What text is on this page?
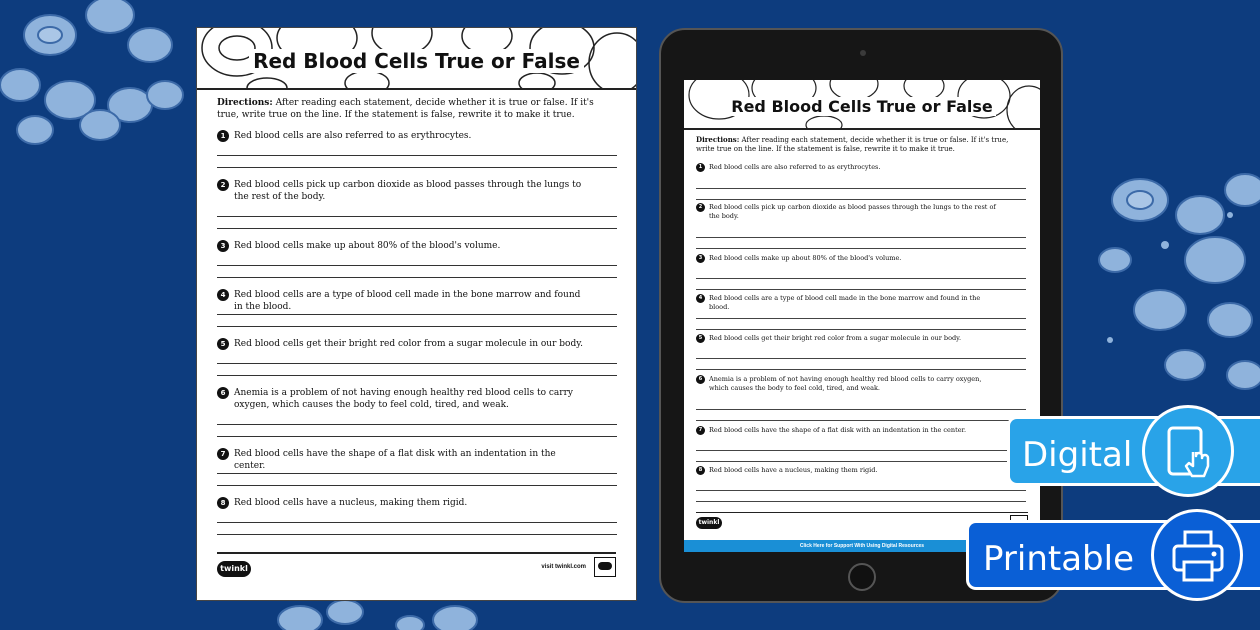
Red Blood Cells True or False
Directions: After reading each statement, decide whether it is true or false. If it's true, write true on the line. If the statement is false, rewrite it to make it true.
1 Red blood cells are also referred to as erythrocytes.
2 Red blood cells pick up carbon dioxide as blood passes through the lungs to the rest of the body.
3 Red blood cells make up about 80% of the blood's volume.
4 Red blood cells are a type of blood cell made in the bone marrow and found in the blood.
5 Red blood cells get their bright red color from a sugar molecule in our body.
6 Anemia is a problem of not having enough healthy red blood cells to carry oxygen, which causes the body to feel cold, tired, and weak.
7 Red blood cells have the shape of a flat disk with an indentation in the center.
8 Red blood cells have a nucleus, making them rigid.
twinkl	visit twinkl.com
Red Blood Cells True or False
Directions: After reading each statement, decide whether it is true or false. If it's true, write true on the line. If the statement is false, rewrite it to make it true.
1	Red blood cells are also referred to as erythrocytes.
2	Red blood cells pick up carbon dioxide as blood passes through the lungs to the rest of the body.
3	Red blood cells make up about 80% of the blood's volume.
4	Red blood cells are a type of blood cell made in the bone marrow and found in the blood.
5	Red blood cells get their bright red color from a sugar molecule in our body.
6	Anemia is a problem of not having enough healthy red blood cells to carry oxygen, which causes the body to feel cold, tired, and weak.
7	Red blood cells have the shape of a flat disk with an indentation in the center.
8	Red blood cells have a nucleus, making them rigid.
twinkl
Click Here for Support With Using Digital Resources
Digital
Printable
